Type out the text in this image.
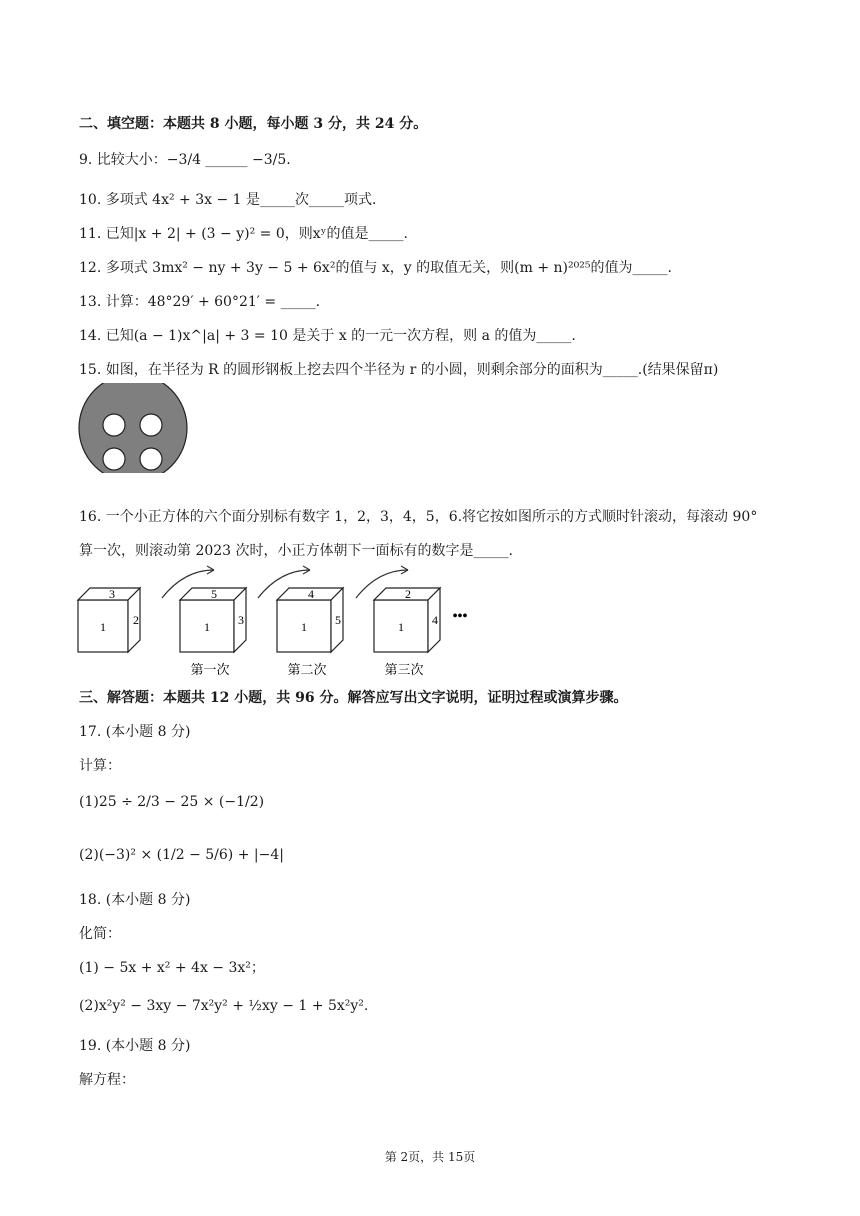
二、填空题：本题共 8 小题，每小题 3 分，共 24 分。
9. 比较大小：−3/4 ______ −3/5.
10. 多项式 4x² + 3x − 1 是_____次_____项式.
11. 已知|x + 2| + (3 − y)² = 0，则xʸ的值是_____.
12. 多项式 3mx² − ny + 3y − 5 + 6x²的值与 x，y 的取值无关，则(m + n)²⁰²⁵的值为_____.
13. 计算：48°29′ + 60°21′ = _____.
14. 已知(a − 1)x^|a| + 3 = 10 是关于 x 的一元一次方程，则 a 的值为_____.
15. 如图，在半径为 R 的圆形钢板上挖去四个半径为 r 的小圆，则剩余部分的面积为_____.(结果保留π)
16. 一个小正方体的六个面分别标有数字 1，2，3，4，5，6.将它按如图所示的方式顺时针滚动，每滚动 90°
算一次，则滚动第 2023 次时，小正方体朝下一面标有的数字是_____.
3
1 2
5
1 3
第一次
4
1 5
第二次
2
1 4
第三次
•••
三、解答题：本题共 12 小题，共 96 分。解答应写出文字说明，证明过程或演算步骤。
17. (本小题 8 分)
计算：
(1)25 ÷ 2/3 − 25 × (−1/2)
(2)(−3)² × (1/2 − 5/6) + |−4|
18. (本小题 8 分)
化简：
(1) − 5x + x² + 4x − 3x²；
(2)x²y² − 3xy − 7x²y² + ½xy − 1 + 5x²y².
19. (本小题 8 分)
解方程：
第 2页，共 15页
